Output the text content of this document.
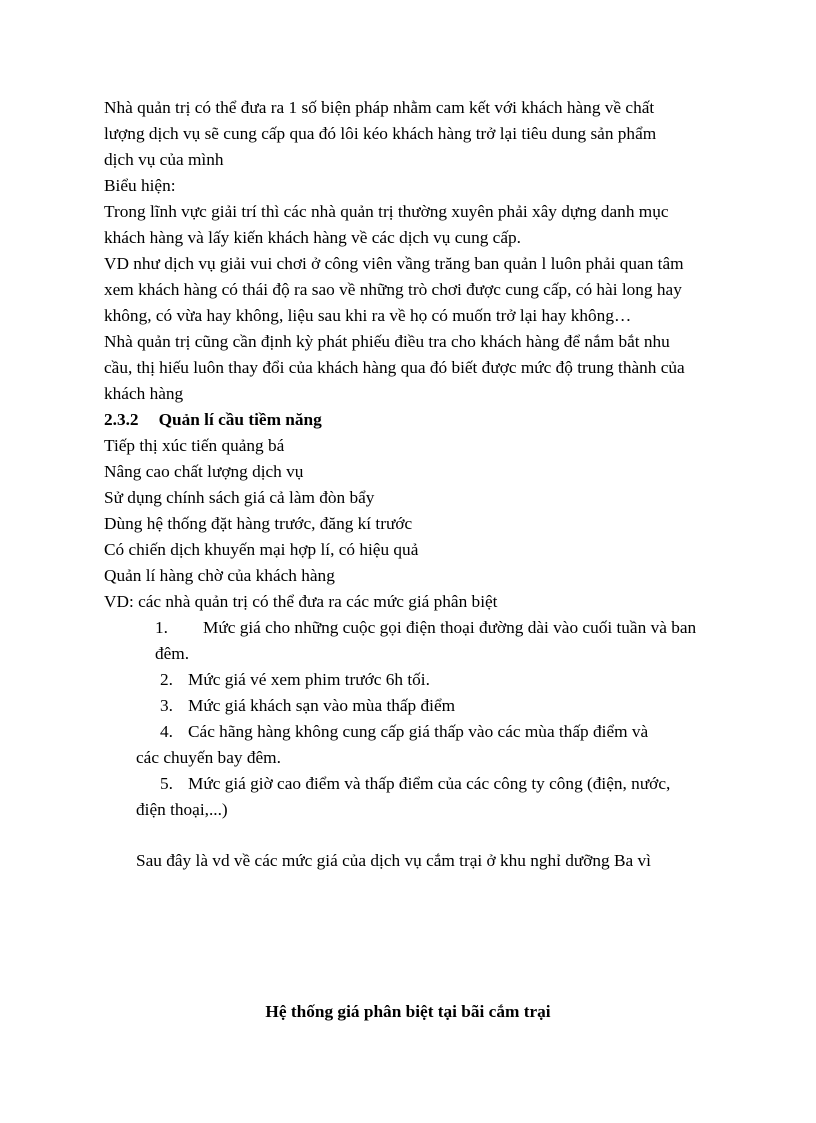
Nhà quản trị có thể đưa ra 1 số biện pháp nhằm cam kết với khách hàng về chất
lượng dịch vụ sẽ cung cấp qua đó lôi kéo khách hàng trở lại tiêu dung sản phẩm
dịch vụ của mình
Biểu hiện:
Trong lĩnh vực giải trí thì các nhà quản trị thường xuyên phải xây dựng danh mục
khách hàng và lấy kiến khách hàng về các dịch vụ cung cấp.
VD như dịch vụ giải vui chơi ở công viên vầng trăng ban quản l luôn phải quan tâm
xem khách hàng có thái độ ra sao về những trò chơi được cung cấp, có hài long hay
không, có vừa hay không, liệu sau khi ra về họ có muốn trở lại hay không…
Nhà quản trị cũng cần định kỳ phát phiếu điều tra cho khách hàng để nắm bắt nhu
cầu, thị hiếu luôn thay đổi của khách hàng qua đó biết được mức độ trung thành của
khách hàng
2.3.2 Quản lí cầu tiềm năng
Tiếp thị xúc tiến quảng bá
Nâng cao chất lượng dịch vụ
Sử dụng chính sách giá cả làm đòn bẩy
Dùng hệ thống đặt hàng trước, đăng kí trước
Có chiến dịch khuyến mại hợp lí, có hiệu quả
Quản lí hàng chờ của khách hàng
VD: các nhà quản trị có thể đưa ra các mức giá phân biệt
1. Mức giá cho những cuộc gọi điện thoại đường dài vào cuối tuần và ban
đêm.
2. Mức giá vé xem phim trước 6h tối.
3. Mức giá khách sạn vào mùa thấp điểm
4. Các hãng hàng không cung cấp giá thấp vào các mùa thấp điểm và
các chuyến bay đêm.
5. Mức giá giờ cao điểm và thấp điểm của các công ty công (điện, nước,
điện thoại,...)
Sau đây là vd về các mức giá của dịch vụ cắm trại ở khu nghỉ dưỡng Ba vì
Hệ thống giá phân biệt tại bãi cắm trại
